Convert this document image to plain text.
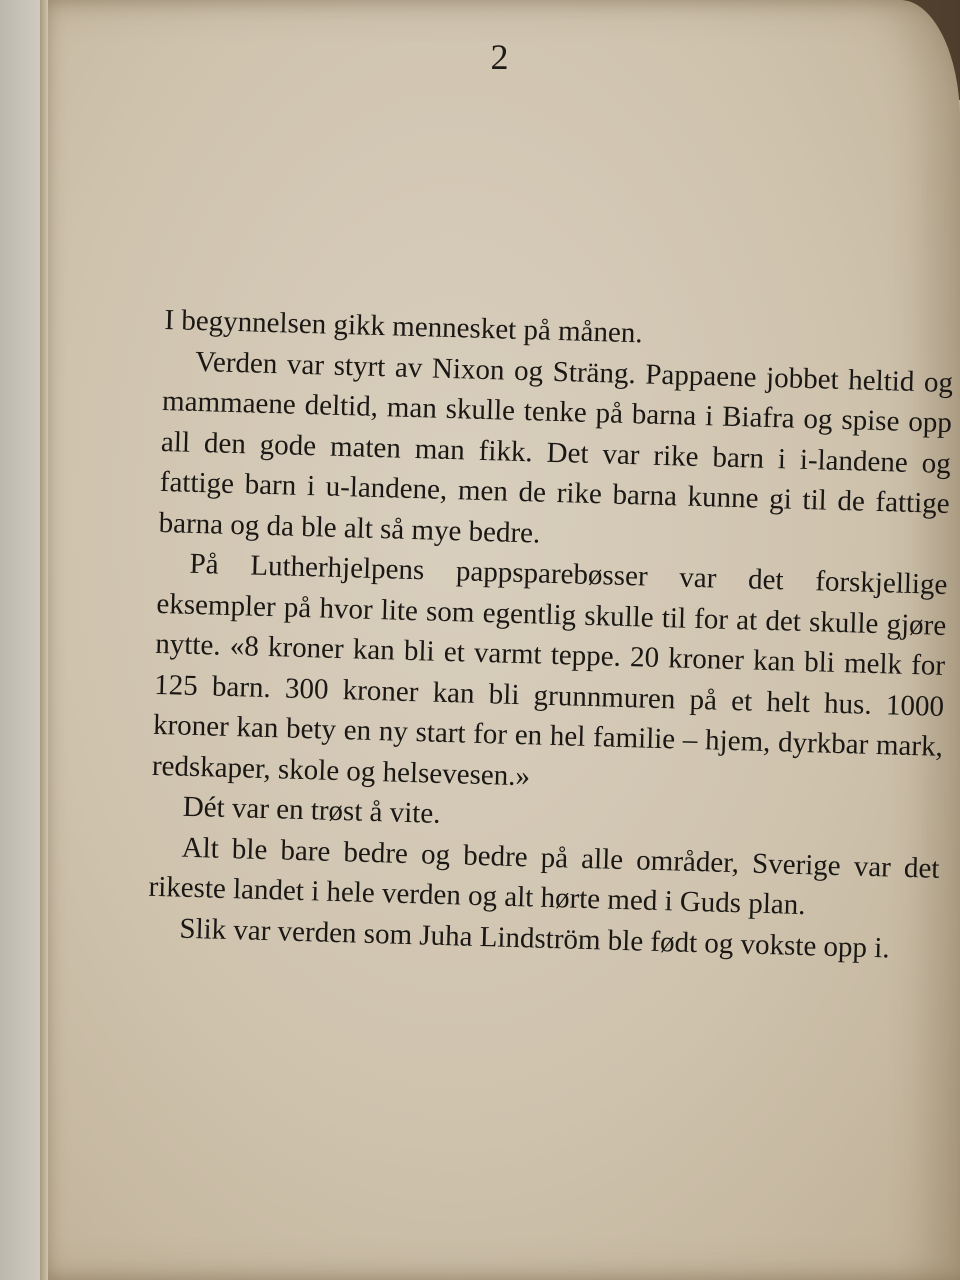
2

I begynnelsen gikk mennesket på månen.

Verden var styrt av Nixon og Sträng. Pappaene jobbet heltid og mammaene deltid, man skulle tenke på barna i Biafra og spise opp all den gode maten man fikk. Det var rike barn i i-landene og fattige barn i u-landene, men de rike barna kunne gi til de fattige barna og da ble alt så mye bedre.

På Lutherhjelpens pappsparebøsser var det forskjellige eksempler på hvor lite som egentlig skulle til for at det skulle gjøre nytte. «8 kroner kan bli et varmt teppe. 20 kroner kan bli melk for 125 barn. 300 kroner kan bli grunnmuren på et helt hus. 1000 kroner kan bety en ny start for en hel familie – hjem, dyrkbar mark, redskaper, skole og helsevesen.»

Dét var en trøst å vite.

Alt ble bare bedre og bedre på alle områder, Sverige var det rikeste landet i hele verden og alt hørte med i Guds plan.

Slik var verden som Juha Lindström ble født og vokste opp i.
